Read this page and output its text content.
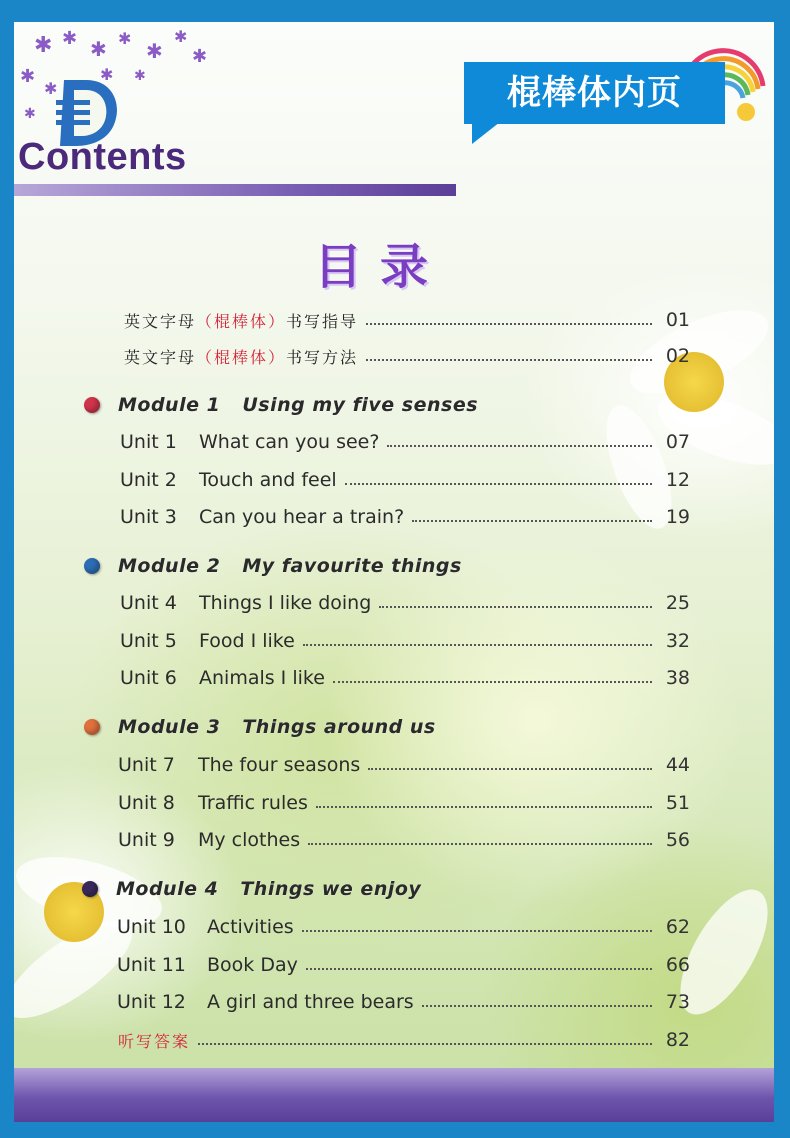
✱ ✱ ✱ ✱
✱
✱
✱
✱
✱
✱ ✱
✱
Contents
棍棒体内页
目录
英文字母（棍棒体）书写指导	01
英文字母（棍棒体）书写方法	02
Module 1 Using my five senses
Unit 1	What can you see?	07
Unit 2	Touch and feel	12
Unit 3	Can you hear a train?	19
Module 2 My favourite things
Unit 4	Things I like doing	25
Unit 5	Food I like	32
Unit 6	Animals I like	38
Module 3 Things around us
Unit 7	The four seasons	44
Unit 8	Traffic rules	51
Unit 9	My clothes	56
Module 4 Things we enjoy
Unit 10	Activities	62
Unit 11	Book Day	66
Unit 12	A girl and three bears	73
听写答案	82
